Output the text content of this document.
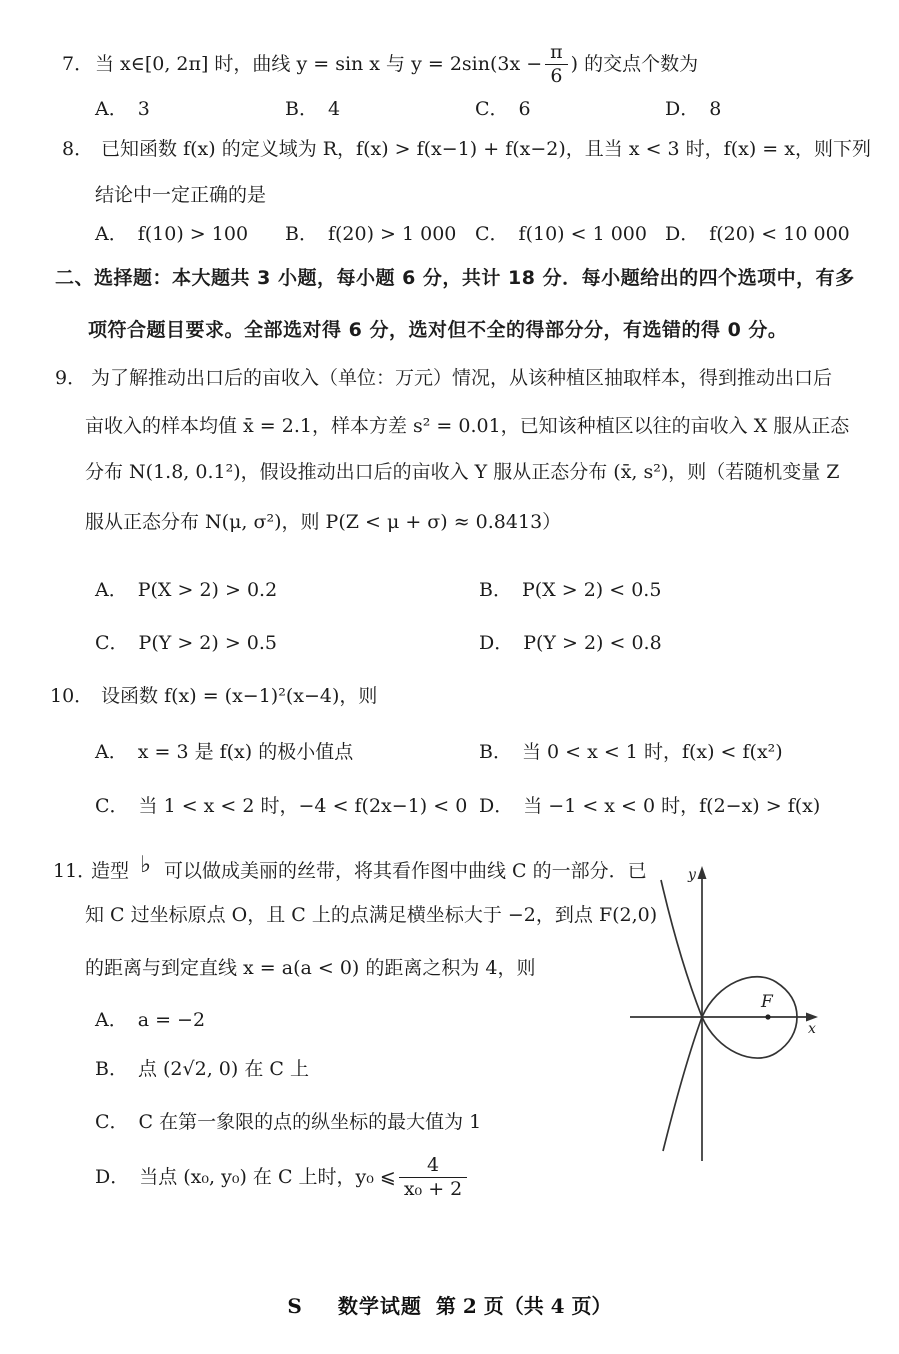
7． 当 x∈[0, 2π] 时，曲线 y = sin x 与 $y = 2\sin(3x - \frac{\pi}{6}$ ) 的交点个数为
A． 3	B． 4	C． 6	D． 8
8． 已知函数 f(x) 的定义域为 R，f(x) > f(x−1) + f(x−2)，且当 x < 3 时，f(x) = x，则下列
结论中一定正确的是
A． f(10) > 100	B． f(20) > 1 000 C． f(10) < 1 000 D． f(20) < 10 000
二、选择题：本大题共 3 小题，每小题 6 分，共计 18 分．每小题给出的四个选项中，有多
项符合题目要求。全部选对得 6 分，选对但不全的得部分分，有选错的得 0 分。
9． 为了解推动出口后的亩收入（单位：万元）情况，从该种植区抽取样本，得到推动出口后
亩收入的样本均值 x̄ = 2.1，样本方差 s² = 0.01，已知该种植区以往的亩收入 X 服从正态
分布 N(1.8, 0.1²)，假设推动出口后的亩收入 Y 服从正态分布 (x̄, s²)，则（若随机变量 Z
服从正态分布 N(μ, σ²)，则 P(Z < μ + σ) ≈ 0.8413）
A． P(X > 2) > 0.2	B． P(X > 2) < 0.5
C． P(Y > 2) > 0.5	D． P(Y > 2) < 0.8
10． 设函数 f(x) = (x−1)²(x−4)，则
A． x = 3 是 f(x) 的极小值点	B． 当 0 < x < 1 时，f(x) < f(x²)
C． 当 1 < x < 2 时，−4 < f(2x−1) < 0 D． 当 −1 < x < 0 时，f(2−x) > f(x)
11． 造型 ♭ 可以做成美丽的丝带，将其看作图中曲线 C 的一部分．已
知 C 过坐标原点 O，且 C 上的点满足横坐标大于 −2，到点 F(2,0)
的距离与到定直线 x = a(a < 0) 的距离之积为 4，则
A． a = −2
B． 点 (2√2, 0) 在 C 上
C． C 在第一象限的点的纵坐标的最大值为 1
D． 当点 (x₀, y₀) 在 C 上时，y₀ ⩽ $\frac{4}{\text{x₀ + 2}}$
F
y
x
S 数学试题 第 2 页（共 4 页）
